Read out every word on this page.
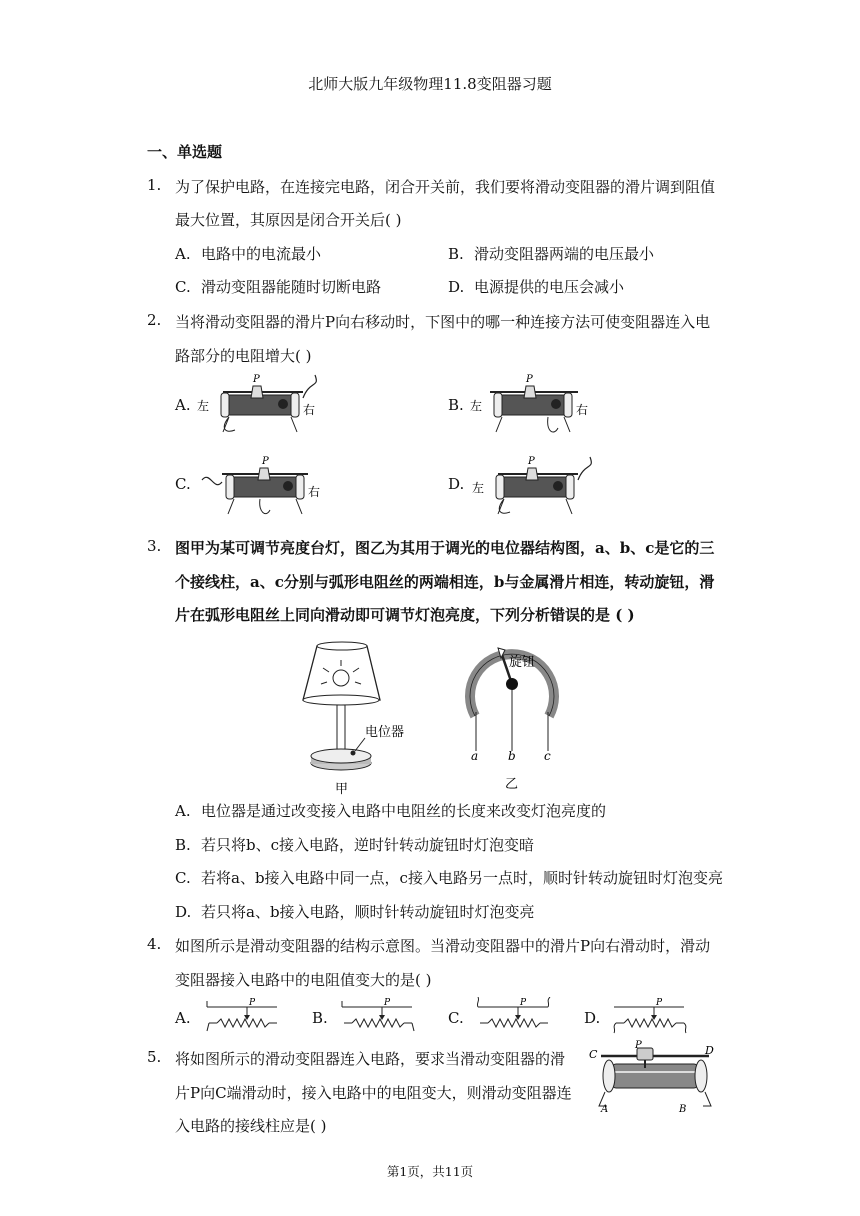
北师大版九年级物理11.8变阻器习题
一、单选题
1. 为了保护电路，在连接完电路，闭合开关前，我们要将滑动变阻器的滑片调到阻值
最大位置，其原因是闭合开关后( )
A. 电路中的电流最小	B. 滑动变阻器两端的电压最小
C. 滑动变阻器能随时切断电路	D. 电源提供的电压会减小
2. 当将滑动变阻器的滑片P向右移动时，下图中的哪一种连接方法可使变阻器连入电
路部分的电阻增大( )
A.	B.
C.	D.
左	右
P
左	右
P
右
P
左
P
3. 图甲为某可调节亮度台灯，图乙为其用于调光的电位器结构图，a、b、c是它的三
个接线柱，a、c分别与弧形电阻丝的两端相连，b与金属滑片相连，转动旋钮，滑
片在弧形电阻丝上同向滑动即可调节灯泡亮度，下列分析错误的是 ( )
电位器
甲
旋钮
a b c
乙
A. 电位器是通过改变接入电路中电阻丝的长度来改变灯泡亮度的
B. 若只将b、c接入电路，逆时针转动旋钮时灯泡变暗
C. 若将a、b接入电路中同一点，c接入电路另一点时，顺时针转动旋钮时灯泡变亮
D. 若只将a、b接入电路，顺时针转动旋钮时灯泡变亮
4. 如图所示是滑动变阻器的结构示意图。当滑动变阻器中的滑片P向右滑动时，滑动
变阻器接入电路中的电阻值变大的是( )
A.	B.	C.	D.
P	P	P	P
5. 将如图所示的滑动变阻器连入电路，要求当滑动变阻器的滑
片P向C端滑动时，接入电路中的电阻变大，则滑动变阻器连
入电路的接线柱应是( )
C	D
P
A	B
第1页，共11页
